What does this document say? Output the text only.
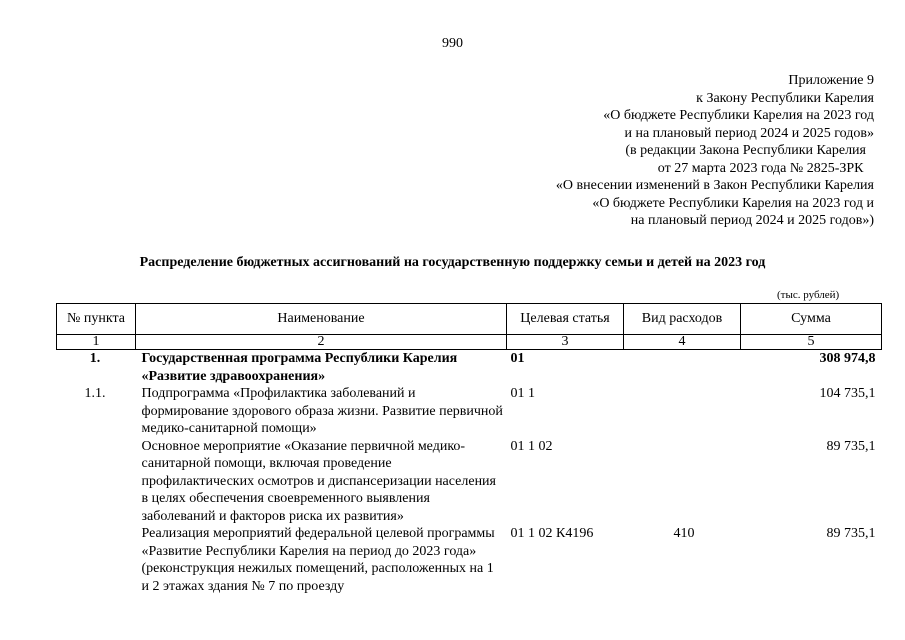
990
Приложение 9
к Закону Республики Карелия
«О бюджете Республики Карелия на 2023 год
и на плановый период 2024 и 2025 годов»
(в редакции Закона Республики Карелия
от 27 марта 2023 года № 2825-ЗРК
«О внесении изменений в Закон Республики Карелия
«О бюджете Республики Карелия на 2023 год и
на плановый период 2024 и 2025 годов»)
Распределение бюджетных ассигнований на государственную поддержку семьи и детей на 2023 год
(тыс. рублей)
№ пункта	Наименование	Целевая статья	Вид расходов	Сумма
1	2	3	4	5
1.	Государственная программа Республики Карелия «Развитие здравоохранения»	01		308 974,8
1.1.	Подпрограмма «Профилактика заболеваний и формирование здорового образа жизни. Развитие первичной медико-санитарной помощи»	01 1		104 735,1
	Основное мероприятие «Оказание первичной медико-санитарной помощи, включая проведение профилактических осмотров и диспансеризации населения в целях обеспечения своевременного выявления заболеваний и факторов риска их развития»	01 1 02		89 735,1
	Реализация мероприятий федеральной целевой программы «Развитие Республики Карелия на период до 2023 года» (реконструкция нежилых помещений, расположенных на 1 и 2 этажах здания № 7 по проезду	01 1 02 К4196	410	89 735,1
